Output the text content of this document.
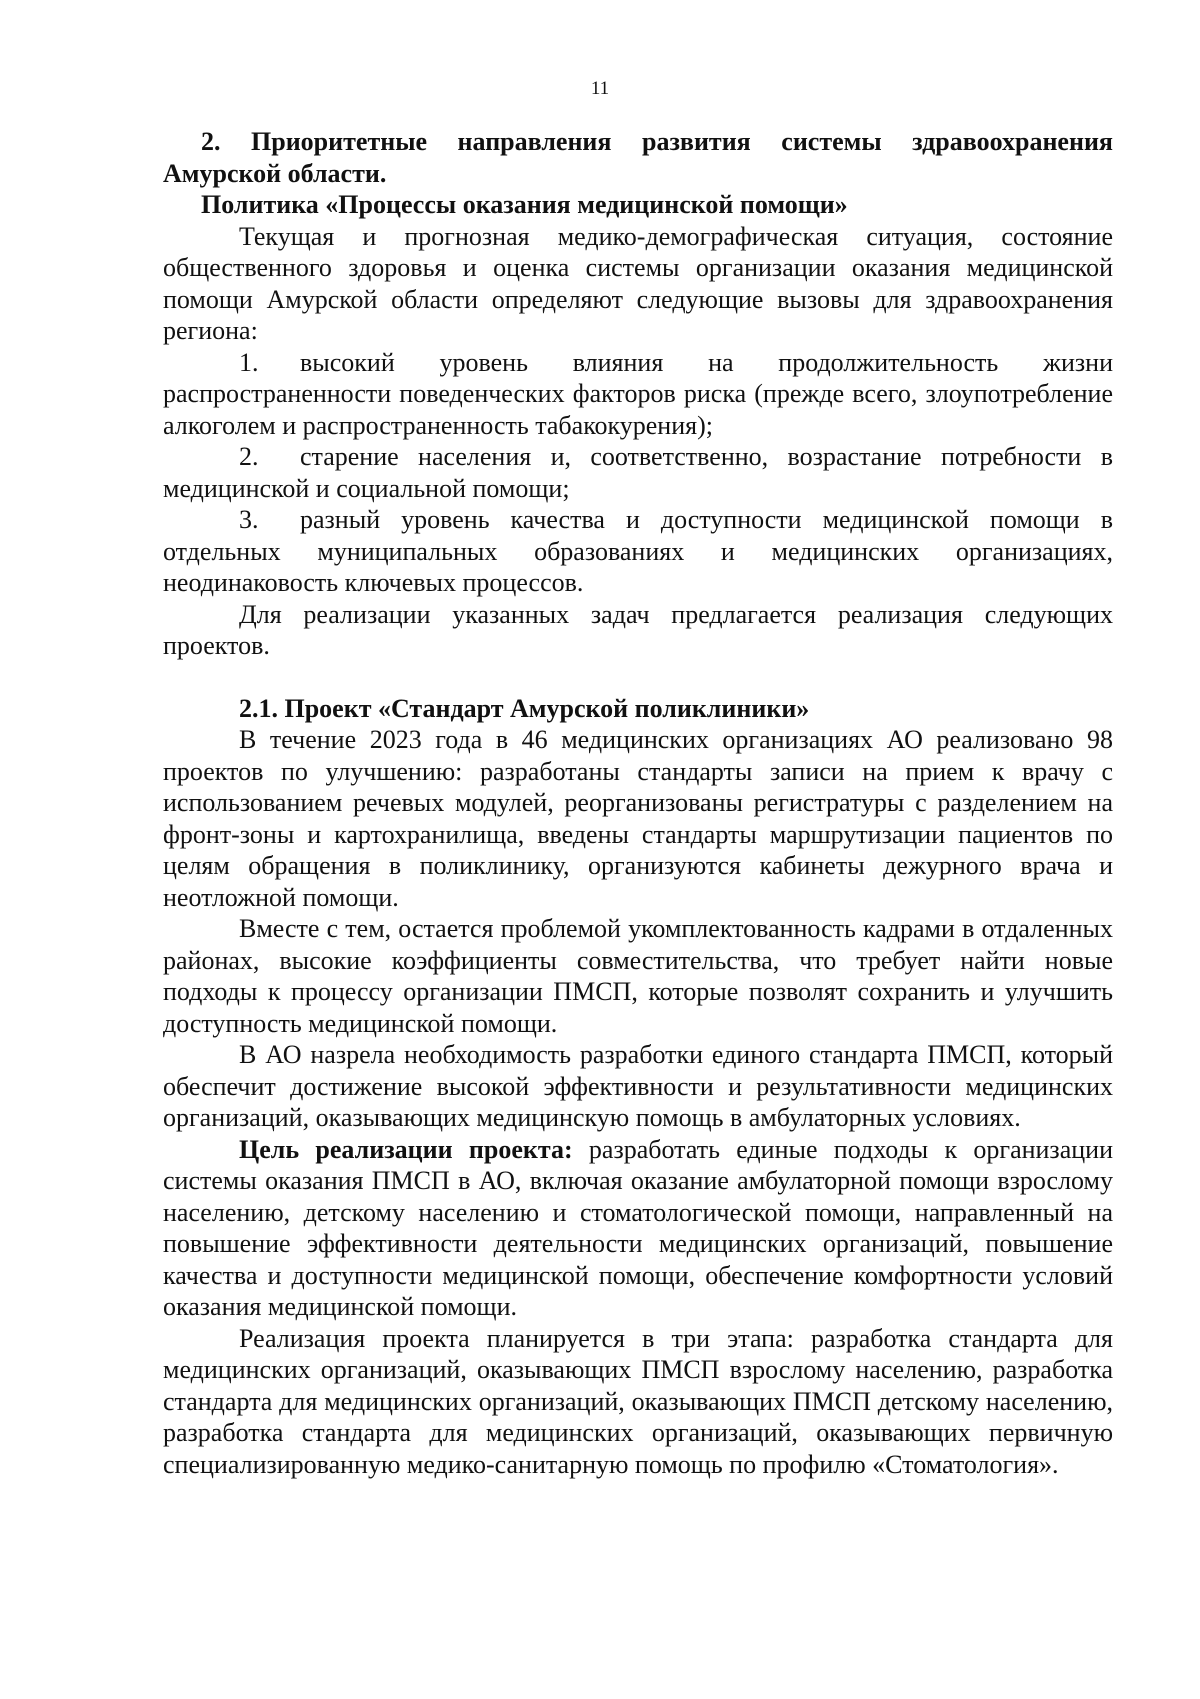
11

2. Приоритетные направления развития системы здравоохранения Амурской области.

Политика «Процессы оказания медицинской помощи»

Текущая и прогнозная медико-демографическая ситуация, состояние общественного здоровья и оценка системы организации оказания медицинской помощи Амурской области определяют следующие вызовы для здравоохранения региона:

1. высокий уровень влияния на продолжительность жизни распространенности поведенческих факторов риска (прежде всего, злоупотребление алкоголем и распространенность табакокурения);

2. старение населения и, соответственно, возрастание потребности в медицинской и социальной помощи;

3. разный уровень качества и доступности медицинской помощи в отдельных муниципальных образованиях и медицинских организациях, неодинаковость ключевых процессов.

Для реализации указанных задач предлагается реализация следующих проектов.

2.1. Проект «Стандарт Амурской поликлиники»

В течение 2023 года в 46 медицинских организациях АО реализовано 98 проектов по улучшению: разработаны стандарты записи на прием к врачу с использованием речевых модулей, реорганизованы регистратуры с разделением на фронт-зоны и картохранилища, введены стандарты маршрутизации пациентов по целям обращения в поликлинику, организуются кабинеты дежурного врача и неотложной помощи.

Вместе с тем, остается проблемой укомплектованность кадрами в отдаленных районах, высокие коэффициенты совместительства, что требует найти новые подходы к процессу организации ПМСП, которые позволят сохранить и улучшить доступность медицинской помощи.

В АО назрела необходимость разработки единого стандарта ПМСП, который обеспечит достижение высокой эффективности и результативности медицинских организаций, оказывающих медицинскую помощь в амбулаторных условиях.

Цель реализации проекта: разработать единые подходы к организации системы оказания ПМСП в АО, включая оказание амбулаторной помощи взрослому населению, детскому населению и стоматологической помощи, направленный на повышение эффективности деятельности медицинских организаций, повышение качества и доступности медицинской помощи, обеспечение комфортности условий оказания медицинской помощи.

Реализация проекта планируется в три этапа: разработка стандарта для медицинских организаций, оказывающих ПМСП взрослому населению, разработка стандарта для медицинских организаций, оказывающих ПМСП детскому населению, разработка стандарта для медицинских организаций, оказывающих первичную специализированную медико-санитарную помощь по профилю «Стоматология».
